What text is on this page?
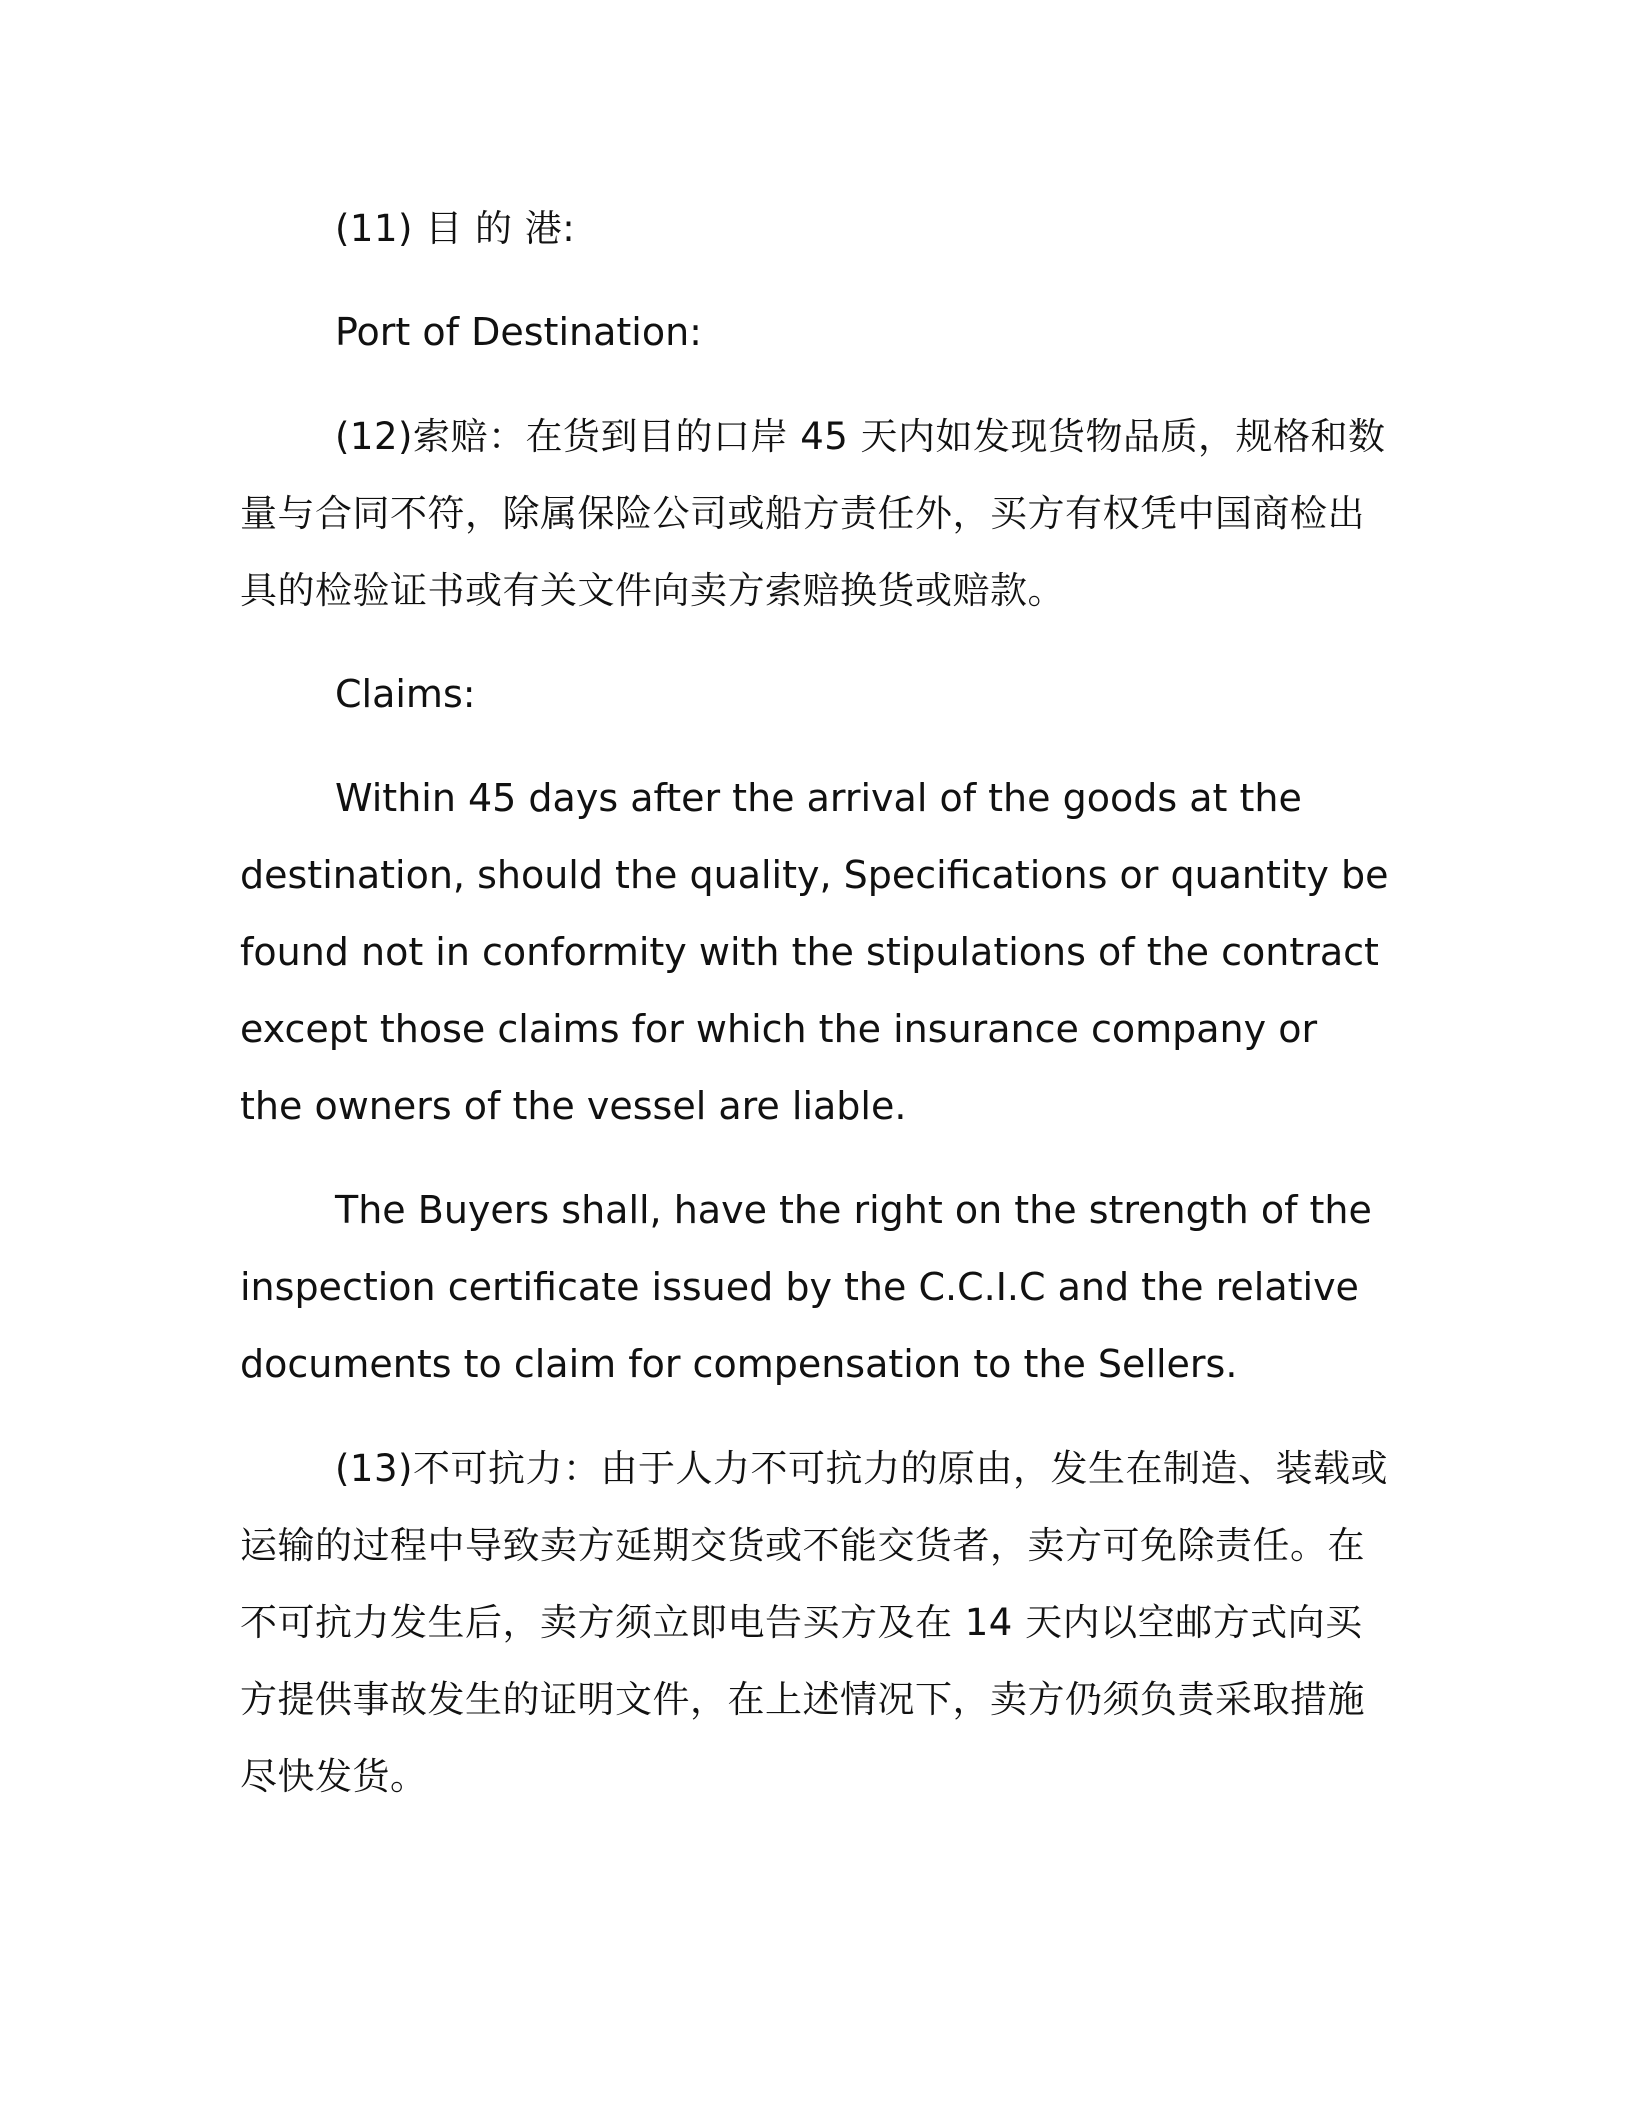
(11) 目 的 港:

Port of Destination:

(12)索赔：在货到目的口岸 45 天内如发现货物品质，规格和数量与合同不符，除属保险公司或船方责任外，买方有权凭中国商检出具的检验证书或有关文件向卖方索赔换货或赔款。

Claims:

Within 45 days after the arrival of the goods at the destination, should the quality, Specifications or quantity be found not in conformity with the stipulations of the contract except those claims for which the insurance company or the owners of the vessel are liable.

The Buyers shall, have the right on the strength of the inspection certificate issued by the C.C.I.C and the relative documents to claim for compensation to the Sellers.

(13)不可抗力：由于人力不可抗力的原由，发生在制造、装载或运输的过程中导致卖方延期交货或不能交货者，卖方可免除责任。在不可抗力发生后，卖方须立即电告买方及在 14 天内以空邮方式向买方提供事故发生的证明文件，在上述情况下，卖方仍须负责采取措施尽快发货。
